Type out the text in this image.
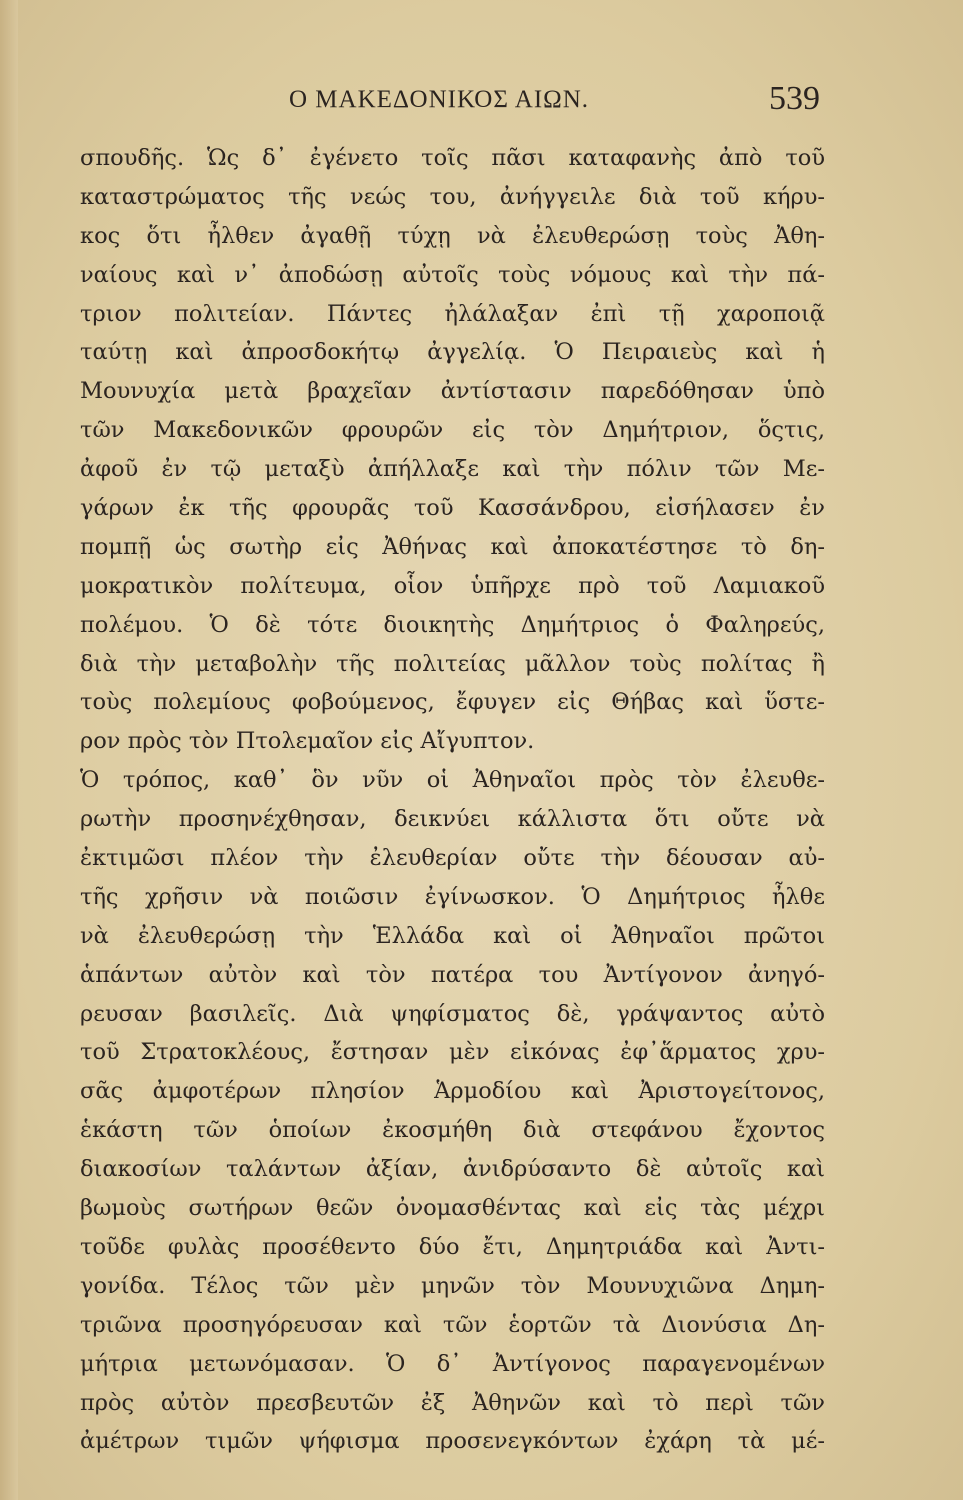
Ο ΜΑΚΕΔΟΝΙΚΟΣ ΑΙΩΝ.	539
σπουδῆς. Ὡς δ᾽ ἐγένετο τοῖς πᾶσι καταφανὴς ἀπὸ τοῦ
καταστρώματος τῆς νεώς του, ἀνήγγειλε διὰ τοῦ κήρυ-
κος ὅτι ἦλθεν ἀγαθῇ τύχῃ νὰ ἐλευθερώσῃ τοὺς Ἀθη-
ναίους καὶ ν᾽ ἀποδώσῃ αὐτοῖς τοὺς νόμους καὶ τὴν πά-
τριον πολιτείαν. Πάντες ἠλάλαξαν ἐπὶ τῇ χαροποιᾷ
ταύτῃ καὶ ἀπροσδοκήτῳ ἀγγελίᾳ. Ὁ Πειραιεὺς καὶ ἡ
Μουνυχία μετὰ βραχεῖαν ἀντίστασιν παρεδόθησαν ὑπὸ
τῶν Μακεδονικῶν φρουρῶν εἰς τὸν Δημήτριον, ὅςτις,
ἀφοῦ ἐν τῷ μεταξὺ ἀπήλλαξε καὶ τὴν πόλιν τῶν Με-
γάρων ἐκ τῆς φρουρᾶς τοῦ Κασσάνδρου, εἰσήλασεν ἐν
πομπῇ ὡς σωτὴρ εἰς Ἀθήνας καὶ ἀποκατέστησε τὸ δη-
μοκρατικὸν πολίτευμα, οἷον ὑπῆρχε πρὸ τοῦ Λαμιακοῦ
πολέμου. Ὁ δὲ τότε διοικητὴς Δημήτριος ὁ Φαληρεύς,
διὰ τὴν μεταβολὴν τῆς πολιτείας μᾶλλον τοὺς πολίτας ἢ
τοὺς πολεμίους φοβούμενος, ἔφυγεν εἰς Θήβας καὶ ὕστε-
ρον πρὸς τὸν Πτολεμαῖον εἰς Αἴγυπτον.
Ὁ τρόπος, καθ᾽ ὃν νῦν οἱ Ἀθηναῖοι πρὸς τὸν ἐλευθε-
ρωτὴν προσηνέχθησαν, δεικνύει κάλλιστα ὅτι οὔτε νὰ
ἐκτιμῶσι πλέον τὴν ἐλευθερίαν οὔτε τὴν δέουσαν αὐ-
τῆς χρῆσιν νὰ ποιῶσιν ἐγίνωσκον. Ὁ Δημήτριος ἦλθε
νὰ ἐλευθερώσῃ τὴν Ἑλλάδα καὶ οἱ Ἀθηναῖοι πρῶτοι
ἁπάντων αὐτὸν καὶ τὸν πατέρα του Ἀντίγονον ἀνηγό-
ρευσαν βασιλεῖς. Διὰ ψηφίσματος δὲ, γράψαντος αὐτὸ
τοῦ Στρατοκλέους, ἔστησαν μὲν εἰκόνας ἐφ᾽ἅρματος χρυ-
σᾶς ἀμφοτέρων πλησίον Ἁρμοδίου καὶ Ἀριστογείτονος,
ἑκάστη τῶν ὁποίων ἐκοσμήθη διὰ στεφάνου ἔχοντος
διακοσίων ταλάντων ἀξίαν, ἀνιδρύσαντο δὲ αὐτοῖς καὶ
βωμοὺς σωτήρων θεῶν ὀνομασθέντας καὶ εἰς τὰς μέχρι
τοῦδε φυλὰς προσέθεντο δύο ἔτι, Δημητριάδα καὶ Ἀντι-
γονίδα. Τέλος τῶν μὲν μηνῶν τὸν Μουνυχιῶνα Δημη-
τριῶνα προσηγόρευσαν καὶ τῶν ἑορτῶν τὰ Διονύσια Δη-
μήτρια μετωνόμασαν. Ὁ δ᾽ Ἀντίγονος παραγενομένων
πρὸς αὐτὸν πρεσβευτῶν ἐξ Ἀθηνῶν καὶ τὸ περὶ τῶν
ἀμέτρων τιμῶν ψήφισμα προσενεγκόντων ἐχάρη τὰ μέ-
